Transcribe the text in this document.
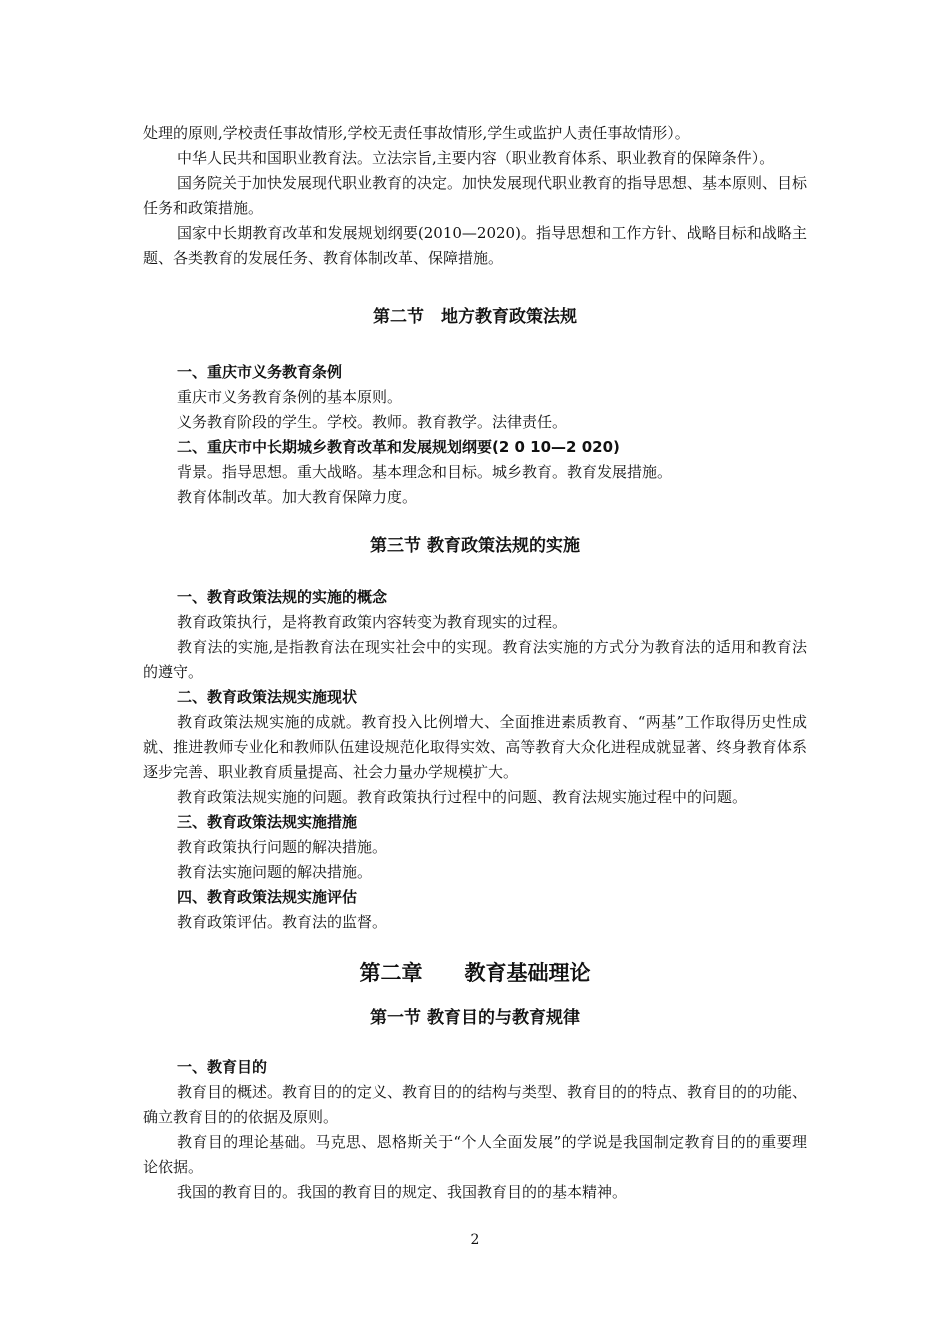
处理的原则,学校责任事故情形,学校无责任事故情形,学生或监护人责任事故情形）。

中华人民共和国职业教育法。立法宗旨,主要内容（职业教育体系、职业教育的保障条件）。

国务院关于加快发展现代职业教育的决定。加快发展现代职业教育的指导思想、基本原则、目标任务和政策措施。

国家中长期教育改革和发展规划纲要(2010—2020)。指导思想和工作方针、战略目标和战略主题、各类教育的发展任务、教育体制改革、保障措施。

第二节　地方教育政策法规

一、重庆市义务教育条例

重庆市义务教育条例的基本原则。

义务教育阶段的学生。学校。教师。教育教学。法律责任。

二、重庆市中长期城乡教育改革和发展规划纲要(2 0 10—2 020)

背景。指导思想。重大战略。基本理念和目标。城乡教育。教育发展措施。

教育体制改革。加大教育保障力度。

第三节 教育政策法规的实施

一、教育政策法规的实施的概念

教育政策执行，是将教育政策内容转变为教育现实的过程。

教育法的实施,是指教育法在现实社会中的实现。教育法实施的方式分为教育法的适用和教育法的遵守。

二、教育政策法规实施现状

教育政策法规实施的成就。教育投入比例增大、全面推进素质教育、“两基”工作取得历史性成就、推进教师专业化和教师队伍建设规范化取得实效、高等教育大众化进程成就显著、终身教育体系逐步完善、职业教育质量提高、社会力量办学规模扩大。

教育政策法规实施的问题。教育政策执行过程中的问题、教育法规实施过程中的问题。

三、教育政策法规实施措施

教育政策执行问题的解决措施。

教育法实施问题的解决措施。

四、教育政策法规实施评估

教育政策评估。教育法的监督。

第二章　　教育基础理论

第一节 教育目的与教育规律

一、教育目的

教育目的概述。教育目的的定义、教育目的的结构与类型、教育目的的特点、教育目的的功能、确立教育目的的依据及原则。

教育目的理论基础。马克思、恩格斯关于“个人全面发展”的学说是我国制定教育目的的重要理论依据。

我国的教育目的。我国的教育目的规定、我国教育目的的基本精神。

2
